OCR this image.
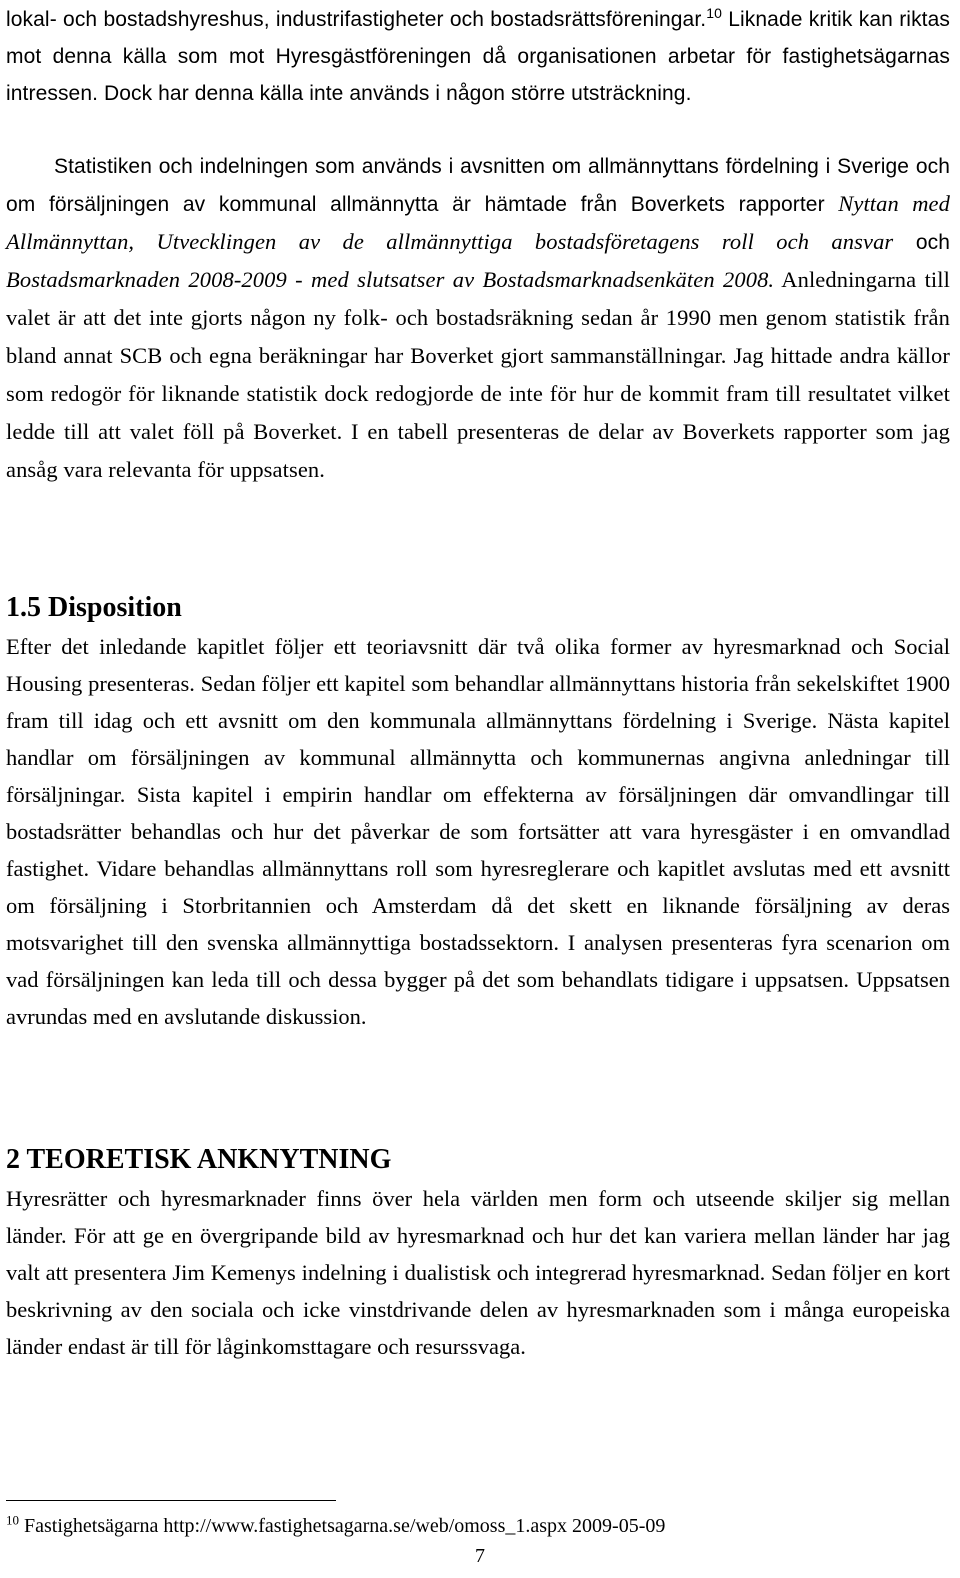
lokal- och bostadshyreshus, industrifastigheter och bostadsrättsföreningar.$^{10}$ Liknade kritik kan riktas mot denna källa som mot Hyresgästföreningen då organisationen arbetar för fastighetsägarnas intressen. Dock har denna källa inte används i någon större utsträckning.

Statistiken och indelningen som används i avsnitten om allmännyttans fördelning i Sverige och om försäljningen av kommunal allmännytta är hämtade från Boverkets rapporter Nyttan med Allmännyttan, Utvecklingen av de allmännyttiga bostadsföretagens roll och ansvar och Bostadsmarknaden 2008-2009 - med slutsatser av Bostadsmarknadsenkäten 2008. Anledningarna till valet är att det inte gjorts någon ny folk- och bostadsräkning sedan år 1990 men genom statistik från bland annat SCB och egna beräkningar har Boverket gjort sammanställningar. Jag hittade andra källor som redogör för liknande statistik dock redogjorde de inte för hur de kommit fram till resultatet vilket ledde till att valet föll på Boverket. I en tabell presenteras de delar av Boverkets rapporter som jag ansåg vara relevanta för uppsatsen.

1.5 Disposition

Efter det inledande kapitlet följer ett teoriavsnitt där två olika former av hyresmarknad och Social Housing presenteras. Sedan följer ett kapitel som behandlar allmännyttans historia från sekelskiftet 1900 fram till idag och ett avsnitt om den kommunala allmännyttans fördelning i Sverige. Nästa kapitel handlar om försäljningen av kommunal allmännytta och kommunernas angivna anledningar till försäljningar. Sista kapitel i empirin handlar om effekterna av försäljningen där omvandlingar till bostadsrätter behandlas och hur det påverkar de som fortsätter att vara hyresgäster i en omvandlad fastighet. Vidare behandlas allmännyttans roll som hyresreglerare och kapitlet avslutas med ett avsnitt om försäljning i Storbritannien och Amsterdam då det skett en liknande försäljning av deras motsvarighet till den svenska allmännyttiga bostadssektorn. I analysen presenteras fyra scenarion om vad försäljningen kan leda till och dessa bygger på det som behandlats tidigare i uppsatsen. Uppsatsen avrundas med en avslutande diskussion.

2 TEORETISK ANKNYTNING

Hyresrätter och hyresmarknader finns över hela världen men form och utseende skiljer sig mellan länder. För att ge en övergripande bild av hyresmarknad och hur det kan variera mellan länder har jag valt att presentera Jim Kemenys indelning i dualistisk och integrerad hyresmarknad. Sedan följer en kort beskrivning av den sociala och icke vinstdrivande delen av hyresmarknaden som i många europeiska länder endast är till för låginkomsttagare och resurssvaga.

$^{10}$ Fastighetsägarna http://www.fastighetsagarna.se/web/omoss_1.aspx 2009-05-09
7
